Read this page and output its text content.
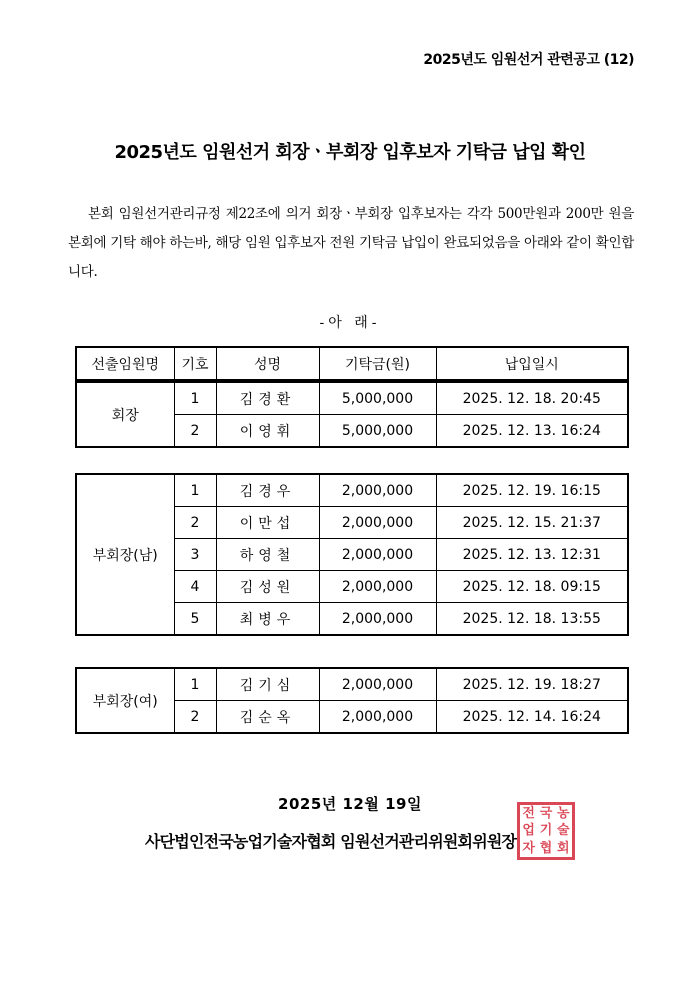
2025년도 임원선거 관련공고 (12)
2025년도 임원선거 회장ㆍ부회장 입후보자 기탁금 납입 확인
본회 임원선거관리규정 제22조에 의거 회장ㆍ부회장 입후보자는 각각 500만원과 200만 원을 본회에 기탁 해야 하는바, 해당 임원 입후보자 전원 기탁금 납입이 완료되었음을 아래와 같이 확인합니다.
-아 래-
선출임원명	기호	성명	기탁금(원)	납입일시
회장	1	김경환	5,000,000	2025. 12. 18. 20:45
	2	이영휘	5,000,000	2025. 12. 13. 16:24
부회장(남)	1	김경우	2,000,000	2025. 12. 19. 16:15
	2	이만섭	2,000,000	2025. 12. 15. 21:37
	3	하영철	2,000,000	2025. 12. 13. 12:31
	4	김성원	2,000,000	2025. 12. 18. 09:15
	5	최병우	2,000,000	2025. 12. 18. 13:55
부회장(여)	1	김기심	2,000,000	2025. 12. 19. 18:27
	2	김순옥	2,000,000	2025. 12. 14. 16:24
2025년 12월 19일
사단법인전국농업기술자협회 임원선거관리위원회위원장
전 국 농
업 기 술
자 협 회
